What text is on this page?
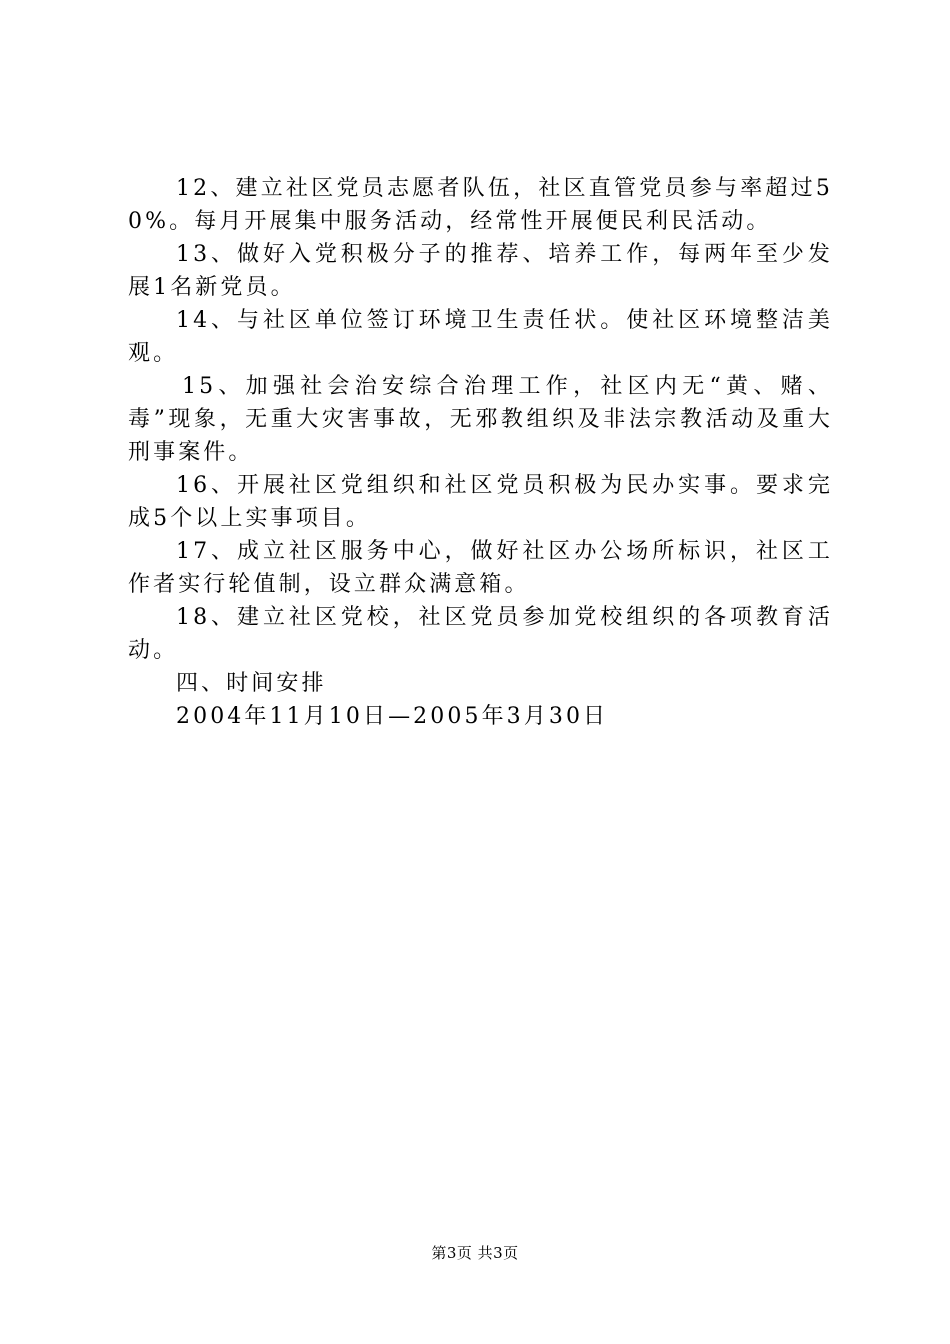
12、建立社区党员志愿者队伍，社区直管党员参与率超过50%。每月开展集中服务活动，经常性开展便民利民活动。

13、做好入党积极分子的推荐、培养工作，每两年至少发展1名新党员。

14、与社区单位签订环境卫生责任状。使社区环境整洁美观。

15、加强社会治安综合治理工作，社区内无“黄、赌、毒”现象，无重大灾害事故，无邪教组织及非法宗教活动及重大刑事案件。

16、开展社区党组织和社区党员积极为民办实事。要求完成5个以上实事项目。

17、成立社区服务中心，做好社区办公场所标识，社区工作者实行轮值制，设立群众满意箱。

18、建立社区党校，社区党员参加党校组织的各项教育活动。

四、时间安排

2004年11月10日—2005年3月30日

第3页 共3页
